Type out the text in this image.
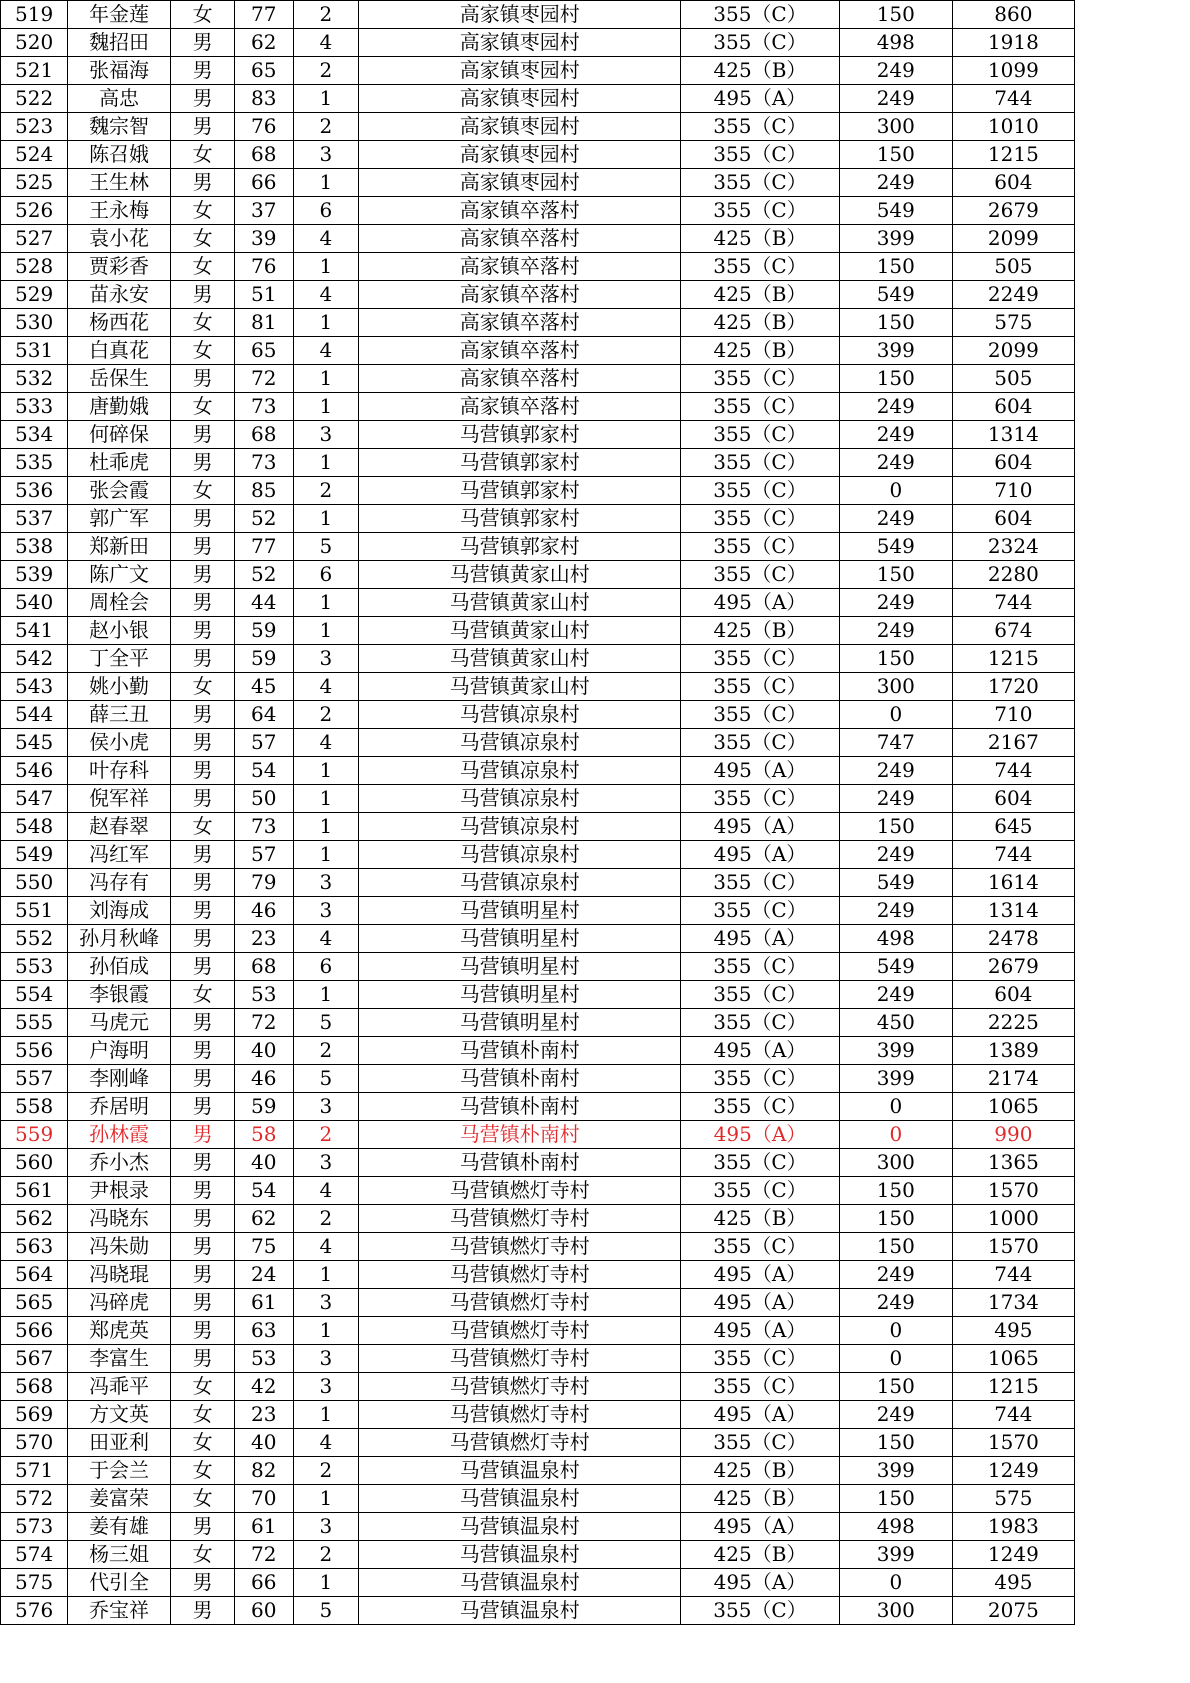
519	年金莲	女	77	2	高家镇枣园村	355（C）	150	860
520	魏招田	男	62	4	高家镇枣园村	355（C）	498	1918
521	张福海	男	65	2	高家镇枣园村	425（B）	249	1099
522	高忠	男	83	1	高家镇枣园村	495（A）	249	744
523	魏宗智	男	76	2	高家镇枣园村	355（C）	300	1010
524	陈召娥	女	68	3	高家镇枣园村	355（C）	150	1215
525	王生林	男	66	1	高家镇枣园村	355（C）	249	604
526	王永梅	女	37	6	高家镇卒落村	355（C）	549	2679
527	袁小花	女	39	4	高家镇卒落村	425（B）	399	2099
528	贾彩香	女	76	1	高家镇卒落村	355（C）	150	505
529	苗永安	男	51	4	高家镇卒落村	425（B）	549	2249
530	杨西花	女	81	1	高家镇卒落村	425（B）	150	575
531	白真花	女	65	4	高家镇卒落村	425（B）	399	2099
532	岳保生	男	72	1	高家镇卒落村	355（C）	150	505
533	唐勤娥	女	73	1	高家镇卒落村	355（C）	249	604
534	何碎保	男	68	3	马营镇郭家村	355（C）	249	1314
535	杜乖虎	男	73	1	马营镇郭家村	355（C）	249	604
536	张会霞	女	85	2	马营镇郭家村	355（C）	0	710
537	郭广军	男	52	1	马营镇郭家村	355（C）	249	604
538	郑新田	男	77	5	马营镇郭家村	355（C）	549	2324
539	陈广文	男	52	6	马营镇黄家山村	355（C）	150	2280
540	周栓会	男	44	1	马营镇黄家山村	495（A）	249	744
541	赵小银	男	59	1	马营镇黄家山村	425（B）	249	674
542	丁全平	男	59	3	马营镇黄家山村	355（C）	150	1215
543	姚小勤	女	45	4	马营镇黄家山村	355（C）	300	1720
544	薛三丑	男	64	2	马营镇凉泉村	355（C）	0	710
545	侯小虎	男	57	4	马营镇凉泉村	355（C）	747	2167
546	叶存科	男	54	1	马营镇凉泉村	495（A）	249	744
547	倪军祥	男	50	1	马营镇凉泉村	355（C）	249	604
548	赵春翠	女	73	1	马营镇凉泉村	495（A）	150	645
549	冯红军	男	57	1	马营镇凉泉村	495（A）	249	744
550	冯存有	男	79	3	马营镇凉泉村	355（C）	549	1614
551	刘海成	男	46	3	马营镇明星村	355（C）	249	1314
552	孙月秋峰	男	23	4	马营镇明星村	495（A）	498	2478
553	孙佰成	男	68	6	马营镇明星村	355（C）	549	2679
554	李银霞	女	53	1	马营镇明星村	355（C）	249	604
555	马虎元	男	72	5	马营镇明星村	355（C）	450	2225
556	户海明	男	40	2	马营镇朴南村	495（A）	399	1389
557	李刚峰	男	46	5	马营镇朴南村	355（C）	399	2174
558	乔居明	男	59	3	马营镇朴南村	355（C）	0	1065
559	孙林霞	男	58	2	马营镇朴南村	495（A）	0	990
560	乔小杰	男	40	3	马营镇朴南村	355（C）	300	1365
561	尹根录	男	54	4	马营镇燃灯寺村	355（C）	150	1570
562	冯晓东	男	62	2	马营镇燃灯寺村	425（B）	150	1000
563	冯朱勋	男	75	4	马营镇燃灯寺村	355（C）	150	1570
564	冯晓琨	男	24	1	马营镇燃灯寺村	495（A）	249	744
565	冯碎虎	男	61	3	马营镇燃灯寺村	495（A）	249	1734
566	郑虎英	男	63	1	马营镇燃灯寺村	495（A）	0	495
567	李富生	男	53	3	马营镇燃灯寺村	355（C）	0	1065
568	冯乖平	女	42	3	马营镇燃灯寺村	355（C）	150	1215
569	方文英	女	23	1	马营镇燃灯寺村	495（A）	249	744
570	田亚利	女	40	4	马营镇燃灯寺村	355（C）	150	1570
571	于会兰	女	82	2	马营镇温泉村	425（B）	399	1249
572	姜富荣	女	70	1	马营镇温泉村	425（B）	150	575
573	姜有雄	男	61	3	马营镇温泉村	495（A）	498	1983
574	杨三姐	女	72	2	马营镇温泉村	425（B）	399	1249
575	代引全	男	66	1	马营镇温泉村	495（A）	0	495
576	乔宝祥	男	60	5	马营镇温泉村	355（C）	300	2075
